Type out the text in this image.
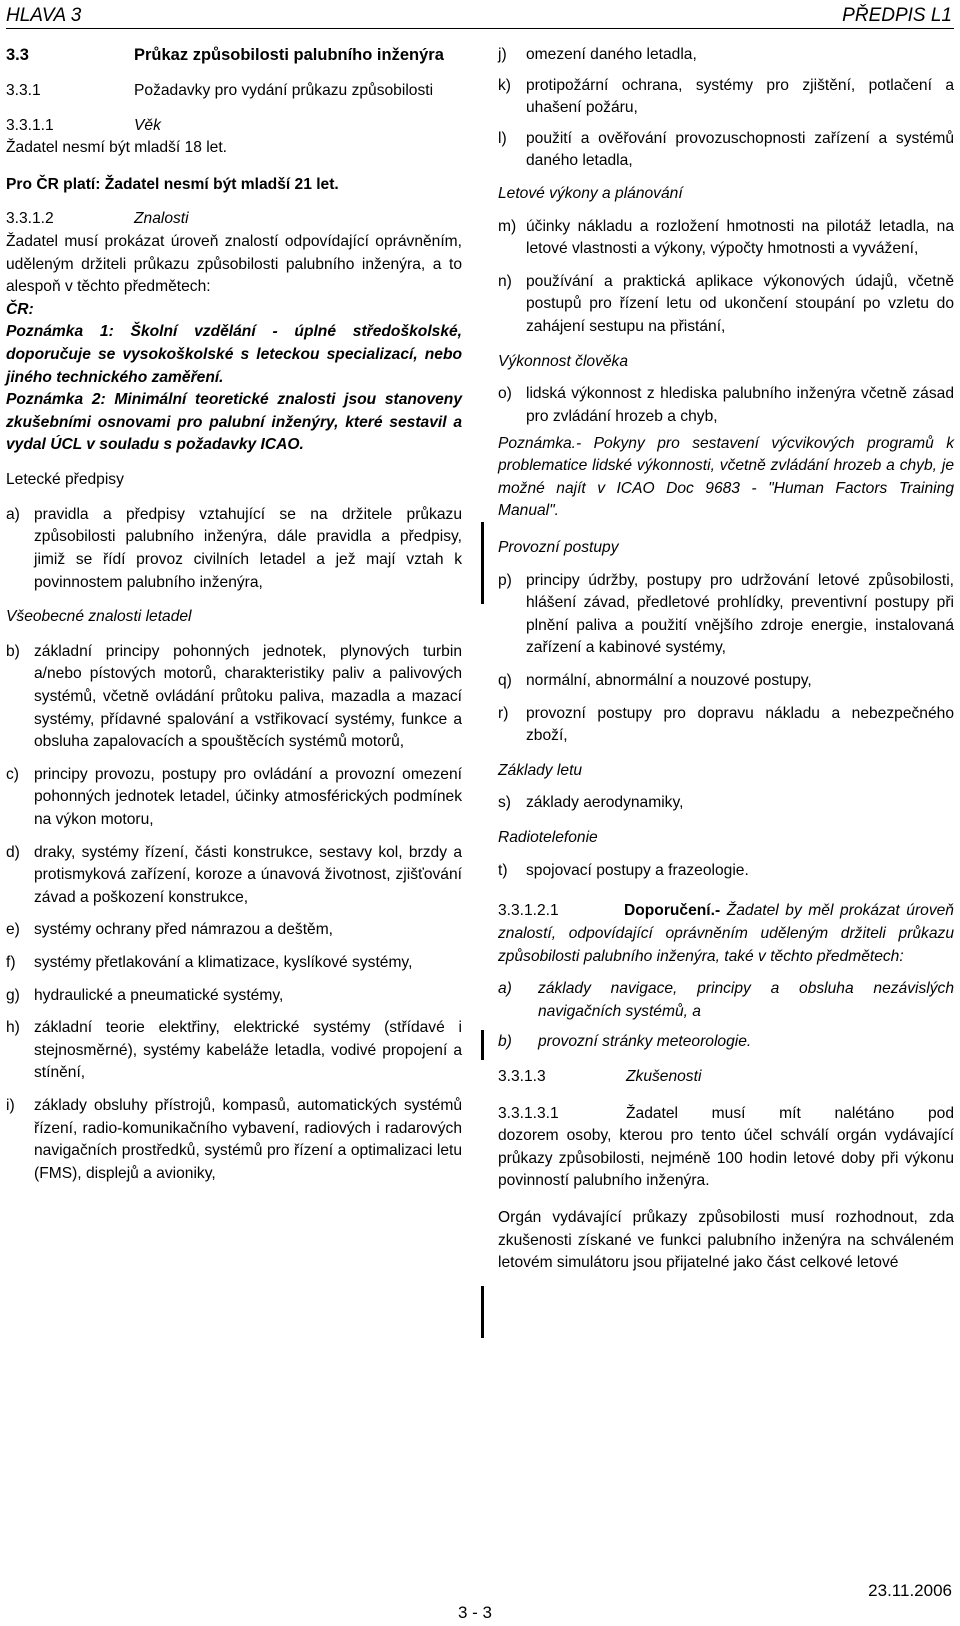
HLAVA 3	PŘEDPIS L1
3.3	Průkaz způsobilosti palubního inženýra
3.3.1	Požadavky pro vydání průkazu způsobilosti
3.3.1.1	Věk

Žadatel nesmí být mladší 18 let.

Pro ČR platí: Žadatel nesmí být mladší 21 let.

3.3.1.2	Znalosti

Žadatel musí prokázat úroveň znalostí odpovídající oprávněním, uděleným držiteli průkazu způsobilosti palubního inženýra, a to alespoň v těchto předmětech:

ČR:

Poznámka 1: Školní vzdělání - úplné středoškolské, doporučuje se vysokoškolské s leteckou specializací, nebo jiného technického zaměření.

Poznámka 2: Minimální teoretické znalosti jsou stanoveny zkušebními osnovami pro palubní inženýry, které sestavil a vydal ÚCL v souladu s požadavky ICAO.

Letecké předpisy

a) pravidla a předpisy vztahující se na držitele průkazu způsobilosti palubního inženýra, dále pravidla a předpisy, jimiž se řídí provoz civilních letadel a jež mají vztah k povinnostem palubního inženýra,

Všeobecné znalosti letadel

b) základní principy pohonných jednotek, plynových turbin a/nebo pístových motorů, charakteristiky paliv a palivových systémů, včetně ovládání průtoku paliva, mazadla a mazací systémy, přídavné spalování a vstřikovací systémy, funkce a obsluha zapalovacích a spouštěcích systémů motorů,
c) principy provozu, postupy pro ovládání a provozní omezení pohonných jednotek letadel, účinky atmosférických podmínek na výkon motoru,
d) draky, systémy řízení, části konstrukce, sestavy kol, brzdy a protismyková zařízení, koroze a únavová životnost, zjišťování závad a poškození konstrukce,
e) systémy ochrany před námrazou a deštěm,
f)	systémy přetlakování a klimatizace, kyslíkové systémy,
g) hydraulické a pneumatické systémy,
h) základní teorie elektřiny, elektrické systémy (střídavé i stejnosměrné), systémy kabeláže letadla, vodivé propojení a stínění,
i)	základy obsluhy přístrojů, kompasů, automatických systémů řízení, radio-komunikačního vybavení, radiových i radarových navigačních prostředků, systémů pro řízení a optimalizaci letu (FMS), displejů a avioniky,
j)	omezení daného letadla,
k) protipožární ochrana, systémy pro zjištění, potlačení a uhašení požáru,
l)	použití a ověřování provozuschopnosti zařízení a systémů daného letadla,

Letové výkony a plánování

m) účinky nákladu a rozložení hmotnosti na pilotáž letadla, na letové vlastnosti a výkony, výpočty hmotnosti a vyvážení,
n) používání a praktická aplikace výkonových údajů, včetně postupů pro řízení letu od ukončení stoupání po vzletu do zahájení sestupu na přistání,

Výkonnost člověka

o) lidská výkonnost z hlediska palubního inženýra včetně zásad pro zvládání hrozeb a chyb,

Poznámka.- Pokyny pro sestavení výcvikových programů k problematice lidské výkonnosti, včetně zvládání hrozeb a chyb, je možné najít v ICAO Doc 9683 - "Human Factors Training Manual".

Provozní postupy

p) principy údržby, postupy pro udržování letové způsobilosti, hlášení závad, předletové prohlídky, preventivní postupy při plnění paliva a použití vnějšího zdroje energie, instalovaná zařízení a kabinové systémy,
q) normální, abnormální a nouzové postupy,
r)	provozní postupy pro dopravu nákladu a nebezpečného zboží,

Základy letu

s) základy aerodynamiky,

Radiotelefonie

t)	spojovací postupy a frazeologie.
3.3.1.2.1	Doporučení.- Žadatel by měl prokázat úroveň znalostí, odpovídající oprávněním uděleným držiteli průkazu způsobilosti palubního inženýra, také v těchto předmětech:
a)	základy navigace, principy a obsluha nezávislých navigačních systémů, a
b)	provozní stránky meteorologie.
3.3.1.3	Zkušenosti
3.3.1.3.1	Žadatel musí mít nalétáno pod

dozorem osoby, kterou pro tento účel schválí orgán vydávající průkazy způsobilosti, nejméně 100 hodin letové doby při výkonu povinností palubního inženýra.

Orgán vydávající průkazy způsobilosti musí rozhodnout, zda zkušenosti získané ve funkci palubního inženýra na schváleném letovém simulátoru jsou přijatelné jako část celkové letové

23.11.2006
3 - 3
